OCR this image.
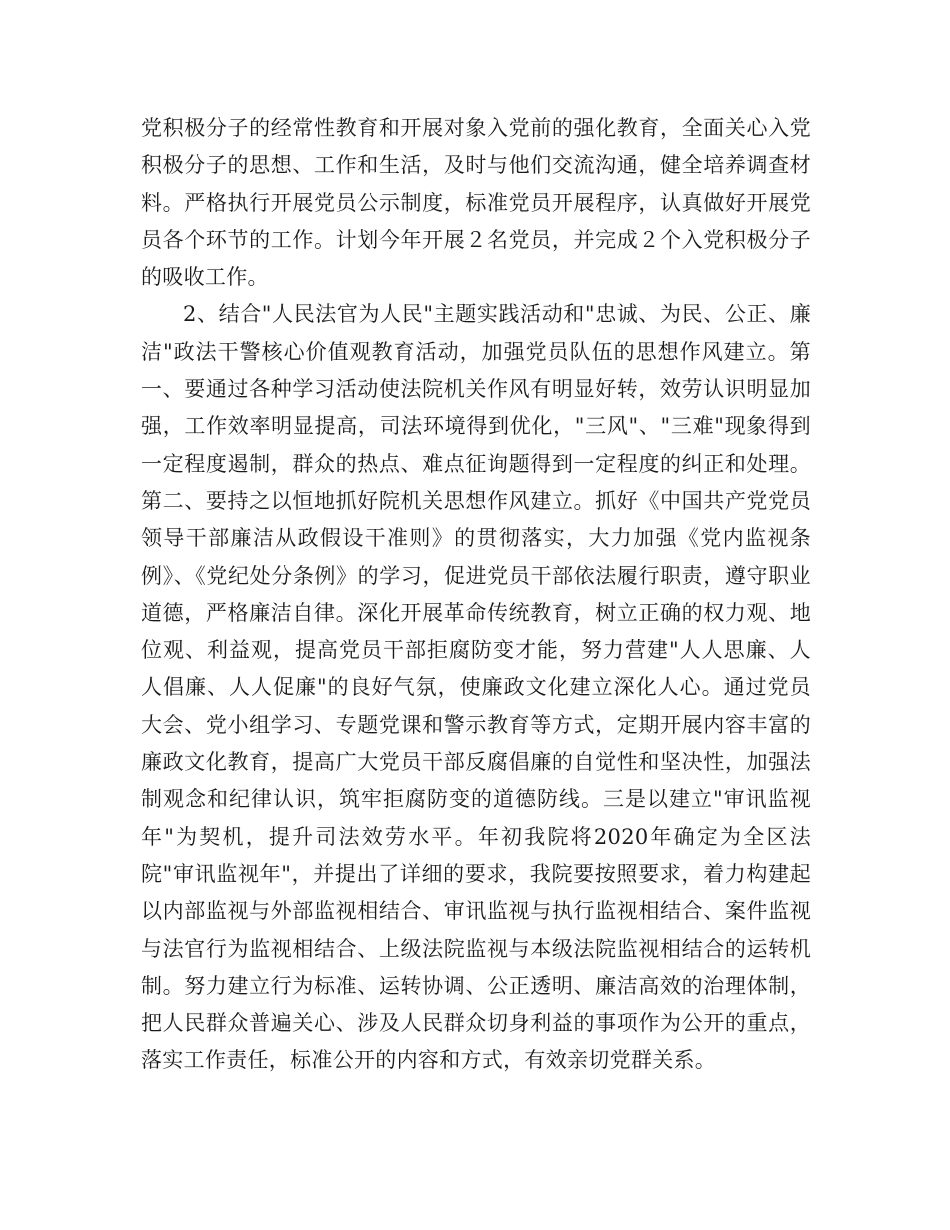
党积极分子的经常性教育和开展对象入党前的强化教育，全面关心入党积极分子的思想、工作和生活，及时与他们交流沟通，健全培养调查材料。严格执行开展党员公示制度，标准党员开展程序，认真做好开展党员各个环节的工作。计划今年开展２名党员，并完成２个入党积极分子的吸收工作。

2、结合"人民法官为人民"主题实践活动和"忠诚、为民、公正、廉洁"政法干警核心价值观教育活动，加强党员队伍的思想作风建立。第一、要通过各种学习活动使法院机关作风有明显好转，效劳认识明显加强，工作效率明显提高，司法环境得到优化，"三风"、"三难"现象得到一定程度遏制，群众的热点、难点征询题得到一定程度的纠正和处理。第二、要持之以恒地抓好院机关思想作风建立。抓好《中国共产党党员领导干部廉洁从政假设干准则》的贯彻落实，大力加强《党内监视条例》、《党纪处分条例》的学习，促进党员干部依法履行职责，遵守职业道德，严格廉洁自律。深化开展革命传统教育，树立正确的权力观、地位观、利益观，提高党员干部拒腐防变才能，努力营建"人人思廉、人人倡廉、人人促廉"的良好气氛，使廉政文化建立深化人心。通过党员大会、党小组学习、专题党课和警示教育等方式，定期开展内容丰富的廉政文化教育，提高广大党员干部反腐倡廉的自觉性和坚决性，加强法制观念和纪律认识，筑牢拒腐防变的道德防线。三是以建立"审讯监视年"为契机，提升司法效劳水平。年初我院将2020年确定为全区法院"审讯监视年"，并提出了详细的要求，我院要按照要求，着力构建起以内部监视与外部监视相结合、审讯监视与执行监视相结合、案件监视与法官行为监视相结合、上级法院监视与本级法院监视相结合的运转机制。努力建立行为标准、运转协调、公正透明、廉洁高效的治理体制，把人民群众普遍关心、涉及人民群众切身利益的事项作为公开的重点，落实工作责任，标准公开的内容和方式，有效亲切党群关系。
